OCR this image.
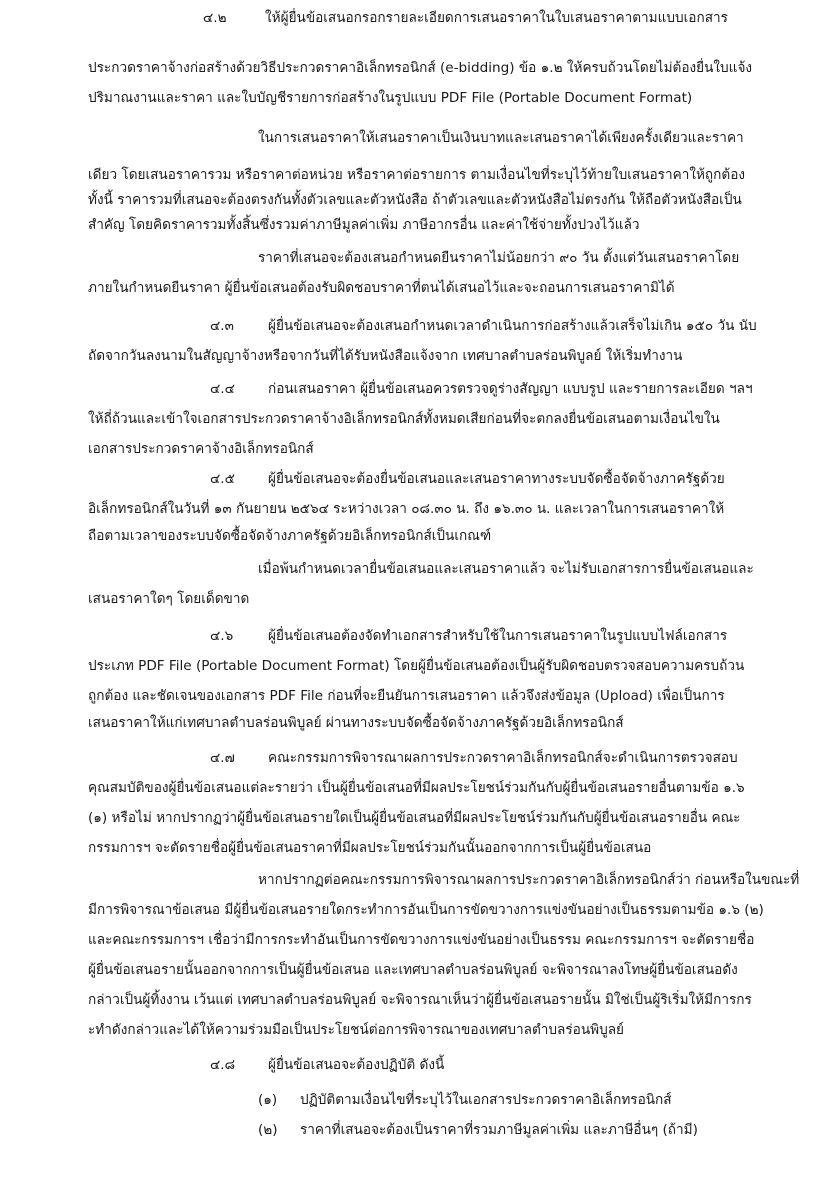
๔.๒	ให้ผู้ยื่นข้อเสนอกรอกรายละเอียดการเสนอราคาในใบเสนอราคาตามแบบเอกสาร
ประกวดราคาจ้างก่อสร้างด้วยวิธีประกวดราคาอิเล็กทรอนิกส์ (e-bidding) ข้อ ๑.๒ ให้ครบถ้วนโดยไม่ต้องยื่นใบแจ้ง
ปริมาณงานและราคา และใบบัญชีรายการก่อสร้างในรูปแบบ PDF File (Portable Document Format)
ในการเสนอราคาให้เสนอราคาเป็นเงินบาทและเสนอราคาได้เพียงครั้งเดียวและราคา
เดียว โดยเสนอราคารวม หรือราคาต่อหน่วย หรือราคาต่อรายการ ตามเงื่อนไขที่ระบุไว้ท้ายใบเสนอราคาให้ถูกต้อง
ทั้งนี้ ราคารวมที่เสนอจะต้องตรงกันทั้งตัวเลขและตัวหนังสือ ถ้าตัวเลขและตัวหนังสือไม่ตรงกัน ให้ถือตัวหนังสือเป็น
สำคัญ โดยคิดราคารวมทั้งสิ้นซึ่งรวมค่าภาษีมูลค่าเพิ่ม ภาษีอากรอื่น และค่าใช้จ่ายทั้งปวงไว้แล้ว
ราคาที่เสนอจะต้องเสนอกำหนดยืนราคาไม่น้อยกว่า ๙๐ วัน ตั้งแต่วันเสนอราคาโดย
ภายในกำหนดยืนราคา ผู้ยื่นข้อเสนอต้องรับผิดชอบราคาที่ตนได้เสนอไว้และจะถอนการเสนอราคามิได้
๔.๓	ผู้ยื่นข้อเสนอจะต้องเสนอกำหนดเวลาดำเนินการก่อสร้างแล้วเสร็จไม่เกิน ๑๕๐ วัน นับ
ถัดจากวันลงนามในสัญญาจ้างหรือจากวันที่ได้รับหนังสือแจ้งจาก เทศบาลตำบลร่อนพิบูลย์ ให้เริ่มทำงาน
๔.๔ ก่อนเสนอราคา ผู้ยื่นข้อเสนอควรตรวจดูร่างสัญญา แบบรูป และรายการละเอียด ฯลฯ
ให้ถี่ถ้วนและเข้าใจเอกสารประกวดราคาจ้างอิเล็กทรอนิกส์ทั้งหมดเสียก่อนที่จะตกลงยื่นข้อเสนอตามเงื่อนไขใน
เอกสารประกวดราคาจ้างอิเล็กทรอนิกส์
๔.๕ ผู้ยื่นข้อเสนอจะต้องยื่นข้อเสนอและเสนอราคาทางระบบจัดซื้อจัดจ้างภาครัฐด้วย
อิเล็กทรอนิกส์ในวันที่ ๑๓ กันยายน ๒๕๖๔ ระหว่างเวลา ๐๘.๓๐ น. ถึง ๑๖.๓๐ น. และเวลาในการเสนอราคาให้
ถือตามเวลาของระบบจัดซื้อจัดจ้างภาครัฐด้วยอิเล็กทรอนิกส์เป็นเกณฑ์
เมื่อพ้นกำหนดเวลายื่นข้อเสนอและเสนอราคาแล้ว จะไม่รับเอกสารการยื่นข้อเสนอและ
เสนอราคาใดๆ โดยเด็ดขาด
๔.๖	ผู้ยื่นข้อเสนอต้องจัดทำเอกสารสำหรับใช้ในการเสนอราคาในรูปแบบไฟล์เอกสาร
ประเภท PDF File (Portable Document Format) โดยผู้ยื่นข้อเสนอต้องเป็นผู้รับผิดชอบตรวจสอบความครบถ้วน
ถูกต้อง และชัดเจนของเอกสาร PDF File ก่อนที่จะยืนยันการเสนอราคา แล้วจึงส่งข้อมูล (Upload) เพื่อเป็นการ
เสนอราคาให้แก่เทศบาลตำบลร่อนพิบูลย์ ผ่านทางระบบจัดซื้อจัดจ้างภาครัฐด้วยอิเล็กทรอนิกส์
๔.๗ คณะกรรมการพิจารณาผลการประกวดราคาอิเล็กทรอนิกส์จะดำเนินการตรวจสอบ
คุณสมบัติของผู้ยื่นข้อเสนอแต่ละรายว่า เป็นผู้ยื่นข้อเสนอที่มีผลประโยชน์ร่วมกันกับผู้ยื่นข้อเสนอรายอื่นตามข้อ ๑.๖
(๑) หรือไม่ หากปรากฏว่าผู้ยื่นข้อเสนอรายใดเป็นผู้ยื่นข้อเสนอที่มีผลประโยชน์ร่วมกันกับผู้ยื่นข้อเสนอรายอื่น คณะ
กรรมการฯ จะตัดรายชื่อผู้ยื่นข้อเสนอราคาที่มีผลประโยชน์ร่วมกันนั้นออกจากการเป็นผู้ยื่นข้อเสนอ
หากปรากฏต่อคณะกรรมการพิจารณาผลการประกวดราคาอิเล็กทรอนิกส์ว่า ก่อนหรือในขณะที่
มีการพิจารณาข้อเสนอ มีผู้ยื่นข้อเสนอรายใดกระทำการอันเป็นการขัดขวางการแข่งขันอย่างเป็นธรรมตามข้อ ๑.๖ (๒)
และคณะกรรมการฯ เชื่อว่ามีการกระทำอันเป็นการขัดขวางการแข่งขันอย่างเป็นธรรม คณะกรรมการฯ จะตัดรายชื่อ
ผู้ยื่นข้อเสนอรายนั้นออกจากการเป็นผู้ยื่นข้อเสนอ และเทศบาลตำบลร่อนพิบูลย์ จะพิจารณาลงโทษผู้ยื่นข้อเสนอดัง
กล่าวเป็นผู้ทิ้งงาน เว้นแต่ เทศบาลตำบลร่อนพิบูลย์ จะพิจารณาเห็นว่าผู้ยื่นข้อเสนอรายนั้น มิใช่เป็นผู้ริเริ่มให้มีการกร
ะทำดังกล่าวและได้ให้ความร่วมมือเป็นประโยชน์ต่อการพิจารณาของเทศบาลตำบลร่อนพิบูลย์
๔.๘ ผู้ยื่นข้อเสนอจะต้องปฏิบัติ ดังนี้
(๑) ปฏิบัติตามเงื่อนไขที่ระบุไว้ในเอกสารประกวดราคาอิเล็กทรอนิกส์
(๒) ราคาที่เสนอจะต้องเป็นราคาที่รวมภาษีมูลค่าเพิ่ม และภาษีอื่นๆ (ถ้ามี)
